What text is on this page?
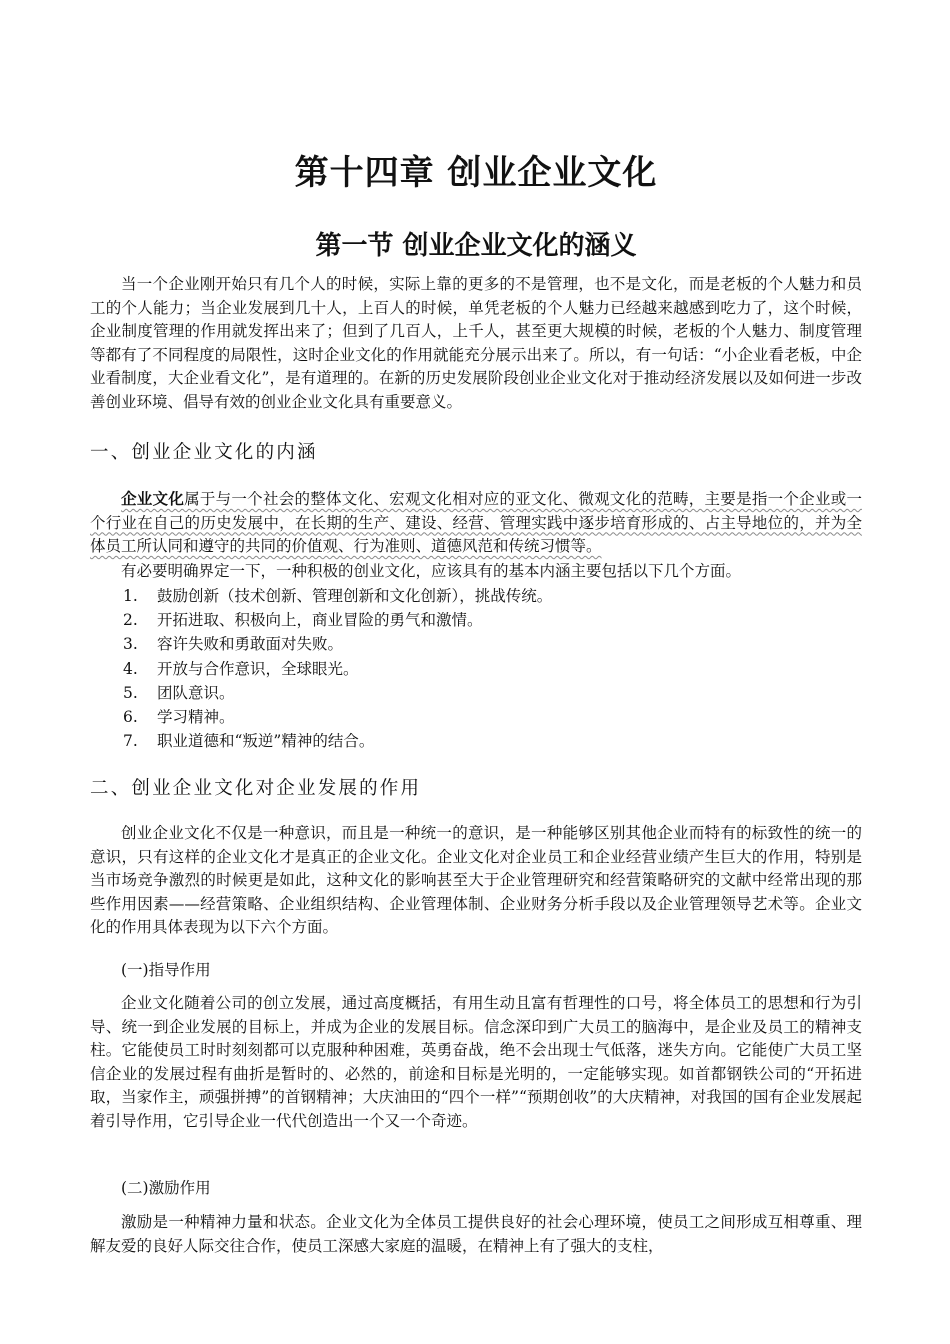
第十四章 创业企业文化
第一节 创业企业文化的涵义

当一个企业刚开始只有几个人的时候，实际上靠的更多的不是管理，也不是文化，而是老板的个人魅力和员工的个人能力；当企业发展到几十人，上百人的时候，单凭老板的个人魅力已经越来越感到吃力了，这个时候，企业制度管理的作用就发挥出来了；但到了几百人，上千人，甚至更大规模的时候，老板的个人魅力、制度管理等都有了不同程度的局限性，这时企业文化的作用就能充分展示出来了。所以，有一句话：“小企业看老板，中企业看制度，大企业看文化”，是有道理的。在新的历史发展阶段创业企业文化对于推动经济发展以及如何进一步改善创业环境、倡导有效的创业企业文化具有重要意义。

一、创业企业文化的内涵

企业文化属于与一个社会的整体文化、宏观文化相对应的亚文化、微观文化的范畴，主要是指一个企业或一个行业在自己的历史发展中，在长期的生产、建设、经营、管理实践中逐步培育形成的、占主导地位的，并为全体员工所认同和遵守的共同的价值观、行为准则、道德风范和传统习惯等。

有必要明确界定一下，一种积极的创业文化，应该具有的基本内涵主要包括以下几个方面。

1. 鼓励创新（技术创新、管理创新和文化创新），挑战传统。
2. 开拓进取、积极向上，商业冒险的勇气和激情。
3. 容许失败和勇敢面对失败。
4. 开放与合作意识，全球眼光。
5. 团队意识。
6. 学习精神。
7. 职业道德和“叛逆”精神的结合。
二、创业企业文化对企业发展的作用

创业企业文化不仅是一种意识，而且是一种统一的意识，是一种能够区别其他企业而特有的标致性的统一的意识，只有这样的企业文化才是真正的企业文化。企业文化对企业员工和企业经营业绩产生巨大的作用，特别是当市场竞争激烈的时候更是如此，这种文化的影响甚至大于企业管理研究和经营策略研究的文献中经常出现的那些作用因素——经营策略、企业组织结构、企业管理体制、企业财务分析手段以及企业管理领导艺术等。企业文化的作用具体表现为以下六个方面。

(一)指导作用

企业文化随着公司的创立发展，通过高度概括，有用生动且富有哲理性的口号，将全体员工的思想和行为引导、统一到企业发展的目标上，并成为企业的发展目标。信念深印到广大员工的脑海中，是企业及员工的精神支柱。它能使员工时时刻刻都可以克服种种困难，英勇奋战，绝不会出现士气低落，迷失方向。它能使广大员工坚信企业的发展过程有曲折是暂时的、必然的，前途和目标是光明的，一定能够实现。如首都钢铁公司的“开拓进取，当家作主，顽强拼搏”的首钢精神；大庆油田的“四个一样”“预期创收”的大庆精神，对我国的国有企业发展起着引导作用，它引导企业一代代创造出一个又一个奇迹。

(二)激励作用

激励是一种精神力量和状态。企业文化为全体员工提供良好的社会心理环境，使员工之间形成互相尊重、理解友爱的良好人际交往合作，使员工深感大家庭的温暖，在精神上有了强大的支柱，
